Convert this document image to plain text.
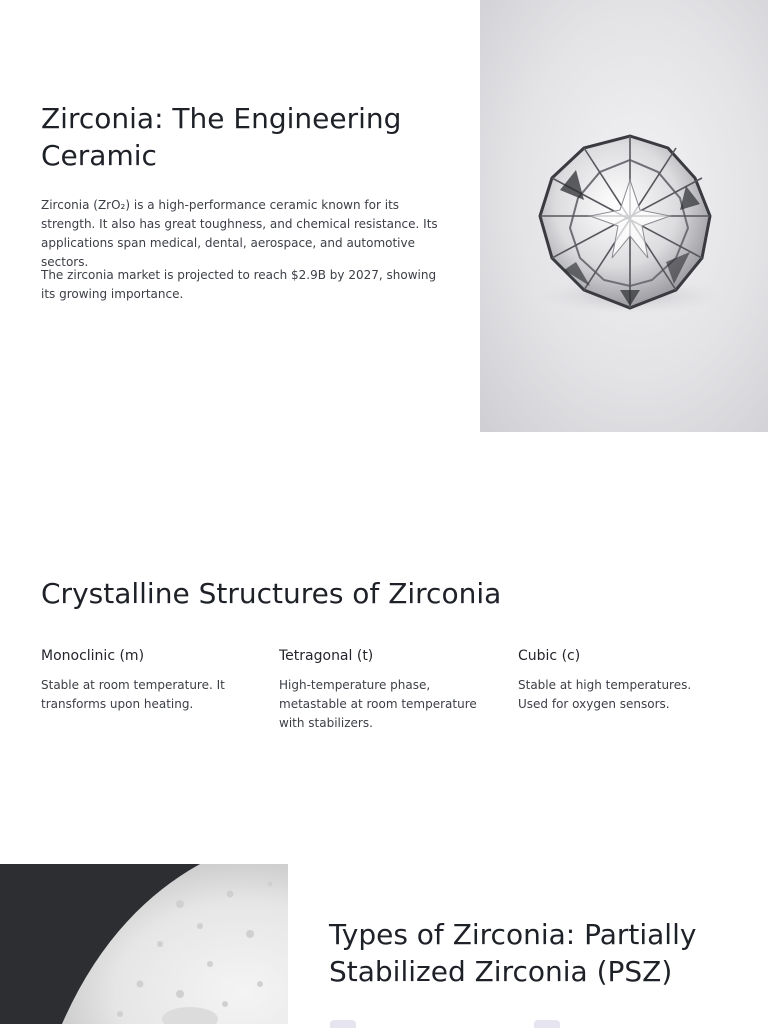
Zirconia: The Engineering Ceramic

Zirconia (ZrO₂) is a high-performance ceramic known for its strength. It also has great toughness, and chemical resistance. Its applications span medical, dental, aerospace, and automotive sectors.

The zirconia market is projected to reach $2.9B by 2027, showing its growing importance.

Crystalline Structures of Zirconia
Monoclinic (m)

Stable at room temperature. It transforms upon heating.

Tetragonal (t)

High-temperature phase, metastable at room temperature with stabilizers.

Cubic (c)

Stable at high temperatures. Used for oxygen sensors.

Types of Zirconia: Partially Stabilized Zirconia (PSZ)
